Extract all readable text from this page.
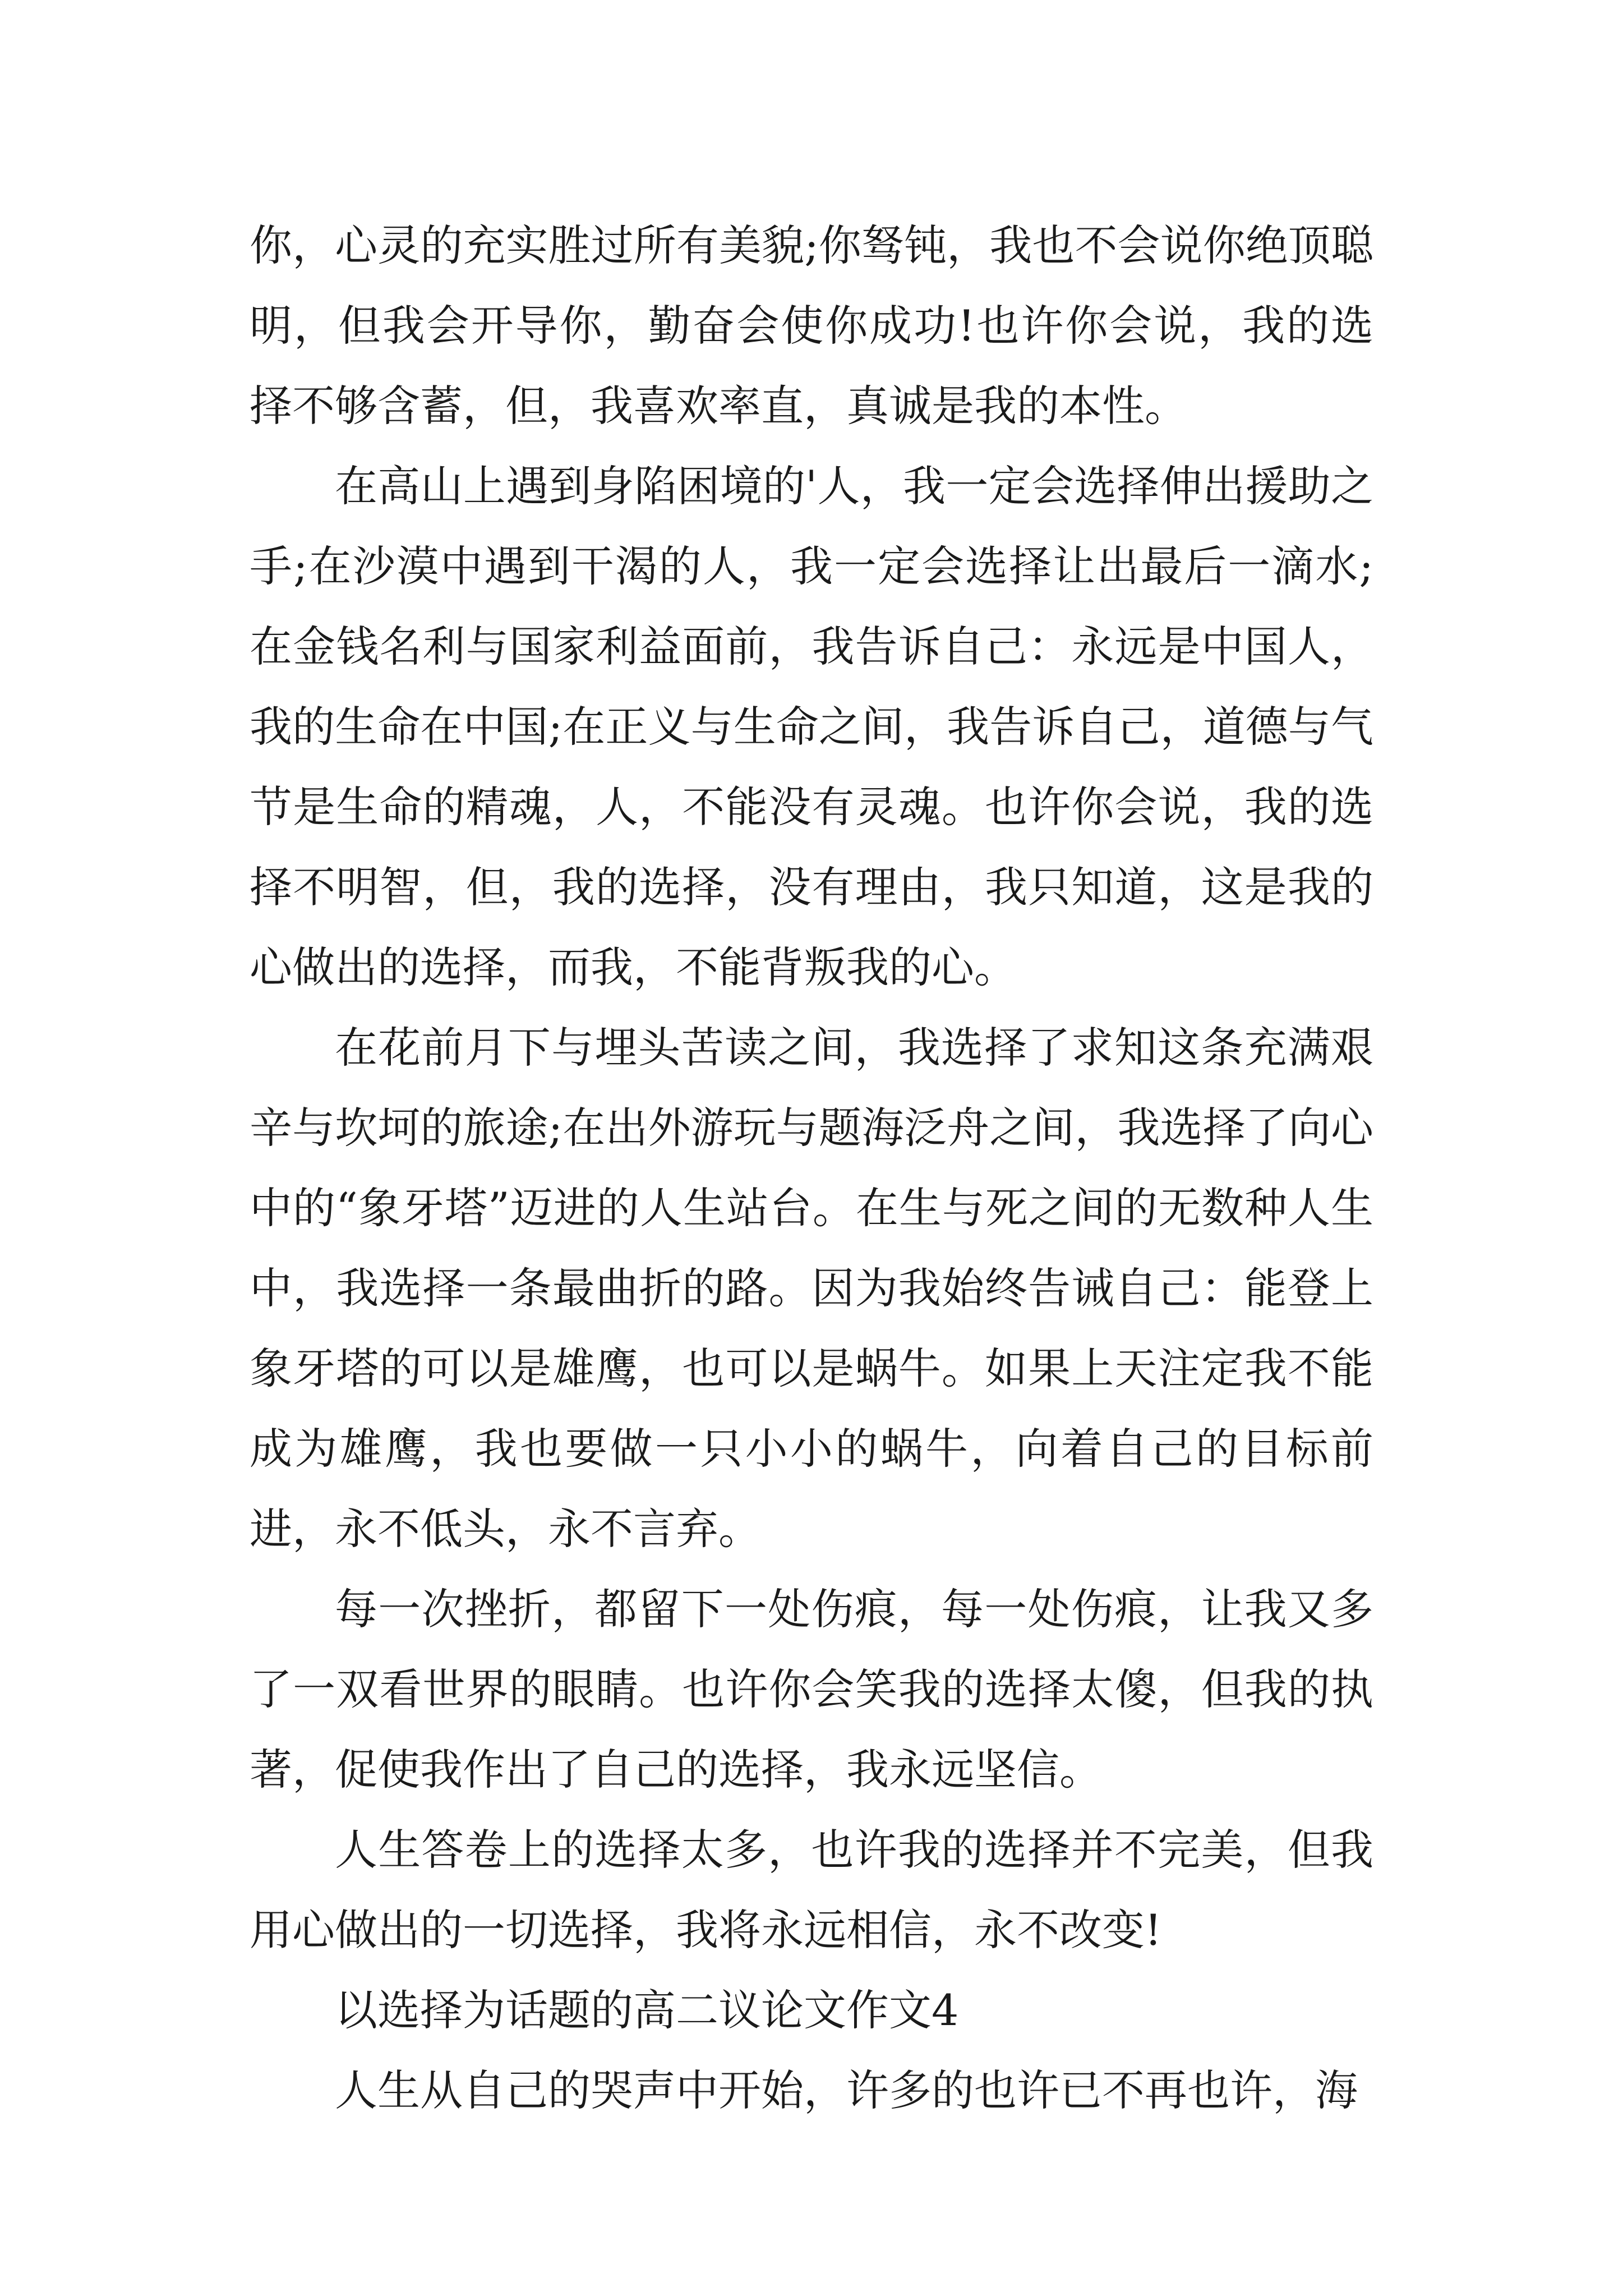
你，心灵的充实胜过所有美貌;你驽钝，我也不会说你绝顶聪明，但我会开导你，勤奋会使你成功!也许你会说，我的选择不够含蓄，但，我喜欢率直，真诚是我的本性。

在高山上遇到身陷困境的'人，我一定会选择伸出援助之手;在沙漠中遇到干渴的人，我一定会选择让出最后一滴水;在金钱名利与国家利益面前，我告诉自己：永远是中国人，我的生命在中国;在正义与生命之间，我告诉自己，道德与气节是生命的精魂，人，不能没有灵魂。也许你会说，我的选择不明智，但，我的选择，没有理由，我只知道，这是我的心做出的选择，而我，不能背叛我的心。

在花前月下与埋头苦读之间，我选择了求知这条充满艰辛与坎坷的旅途;在出外游玩与题海泛舟之间，我选择了向心中的“象牙塔”迈进的人生站台。在生与死之间的无数种人生中，我选择一条最曲折的路。因为我始终告诫自己：能登上象牙塔的可以是雄鹰，也可以是蜗牛。如果上天注定我不能成为雄鹰，我也要做一只小小的蜗牛，向着自己的目标前进，永不低头，永不言弃。

每一次挫折，都留下一处伤痕，每一处伤痕，让我又多了一双看世界的眼睛。也许你会笑我的选择太傻，但我的执著，促使我作出了自己的选择，我永远坚信。

人生答卷上的选择太多，也许我的选择并不完美，但我用心做出的一切选择，我将永远相信，永不改变!

以选择为话题的高二议论文作文4

人生从自己的哭声中开始，许多的也许已不再也许，海
